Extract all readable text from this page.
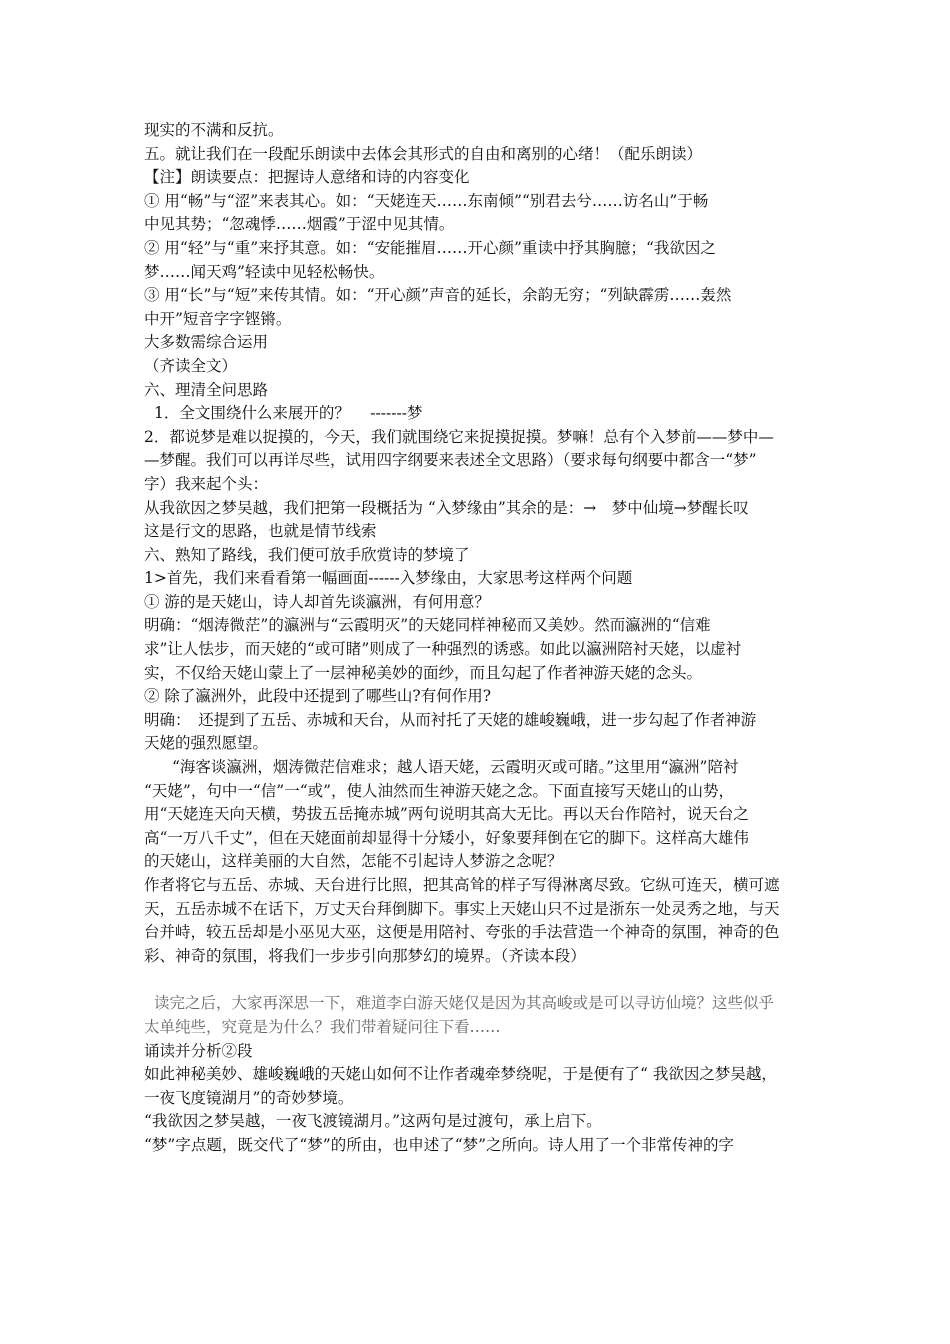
现实的不满和反抗。
五。就让我们在一段配乐朗读中去体会其形式的自由和离别的心绪！（配乐朗读）
【注】朗读要点：把握诗人意绪和诗的内容变化
① 用“畅”与“涩”来表其心。如：“天姥连天……东南倾”“别君去兮……访名山”于畅
中见其势；“忽魂悸……烟霞”于涩中见其情。
② 用“轻”与“重”来抒其意。如：“安能摧眉……开心颜”重读中抒其胸臆；“我欲因之
梦……闻天鸡”轻读中见轻松畅快。
③ 用“长”与“短”来传其情。如：“开心颜”声音的延长，余韵无穷；“列缺霹雳……轰然
中开”短音字字铿锵。
大多数需综合运用
（齐读全文）
六、理清全问思路
1．全文围绕什么来展开的？　 -------梦
2．都说梦是难以捉摸的，今天，我们就围绕它来捉摸捉摸。梦嘛！总有个入梦前——梦中—
—梦醒。我们可以再详尽些，试用四字纲要来表述全文思路）（要求每句纲要中都含一“梦”
字）我来起个头：
从我欲因之梦吴越，我们把第一段概括为 “入梦缘由”其余的是：→　梦中仙境→梦醒长叹
这是行文的思路，也就是情节线索
六、熟知了路线，我们便可放手欣赏诗的梦境了
1>首先，我们来看看第一幅画面------入梦缘由，大家思考这样两个问题
① 游的是天姥山，诗人却首先谈瀛洲，有何用意？
明确：“烟涛微茫”的瀛洲与“云霞明灭”的天姥同样神秘而又美妙。然而瀛洲的“信难
求”让人怯步，而天姥的“或可睹”则成了一种强烈的诱惑。如此以瀛洲陪衬天姥，以虚衬
实，不仅给天姥山蒙上了一层神秘美妙的面纱，而且勾起了作者神游天姥的念头。
② 除了瀛洲外，此段中还提到了哪些山?有何作用?
明确：　还提到了五岳、赤城和天台，从而衬托了天姥的雄峻巍峨，进一步勾起了作者神游
天姥的强烈愿望。
“海客谈瀛洲，烟涛微茫信难求；越人语天姥，云霞明灭或可睹。”这里用“瀛洲”陪衬
“天姥”，句中一“信”一“或”，使人油然而生神游天姥之念。下面直接写天姥山的山势，
用“天姥连天向天横，势拔五岳掩赤城”两句说明其高大无比。再以天台作陪衬，说天台之
高“一万八千丈”，但在天姥面前却显得十分矮小，好象要拜倒在它的脚下。这样高大雄伟
的天姥山，这样美丽的大自然，怎能不引起诗人梦游之念呢？
作者将它与五岳、赤城、天台进行比照，把其高耸的样子写得淋离尽致。它纵可连天，横可遮
天，五岳赤城不在话下，万丈天台拜倒脚下。事实上天姥山只不过是浙东一处灵秀之地，与天
台并峙，较五岳却是小巫见大巫，这便是用陪衬、夸张的手法营造一个神奇的氛围，神奇的色
彩、神奇的氛围，将我们一步步引向那梦幻的境界。（齐读本段）
读完之后，大家再深思一下，难道李白游天姥仅是因为其高峻或是可以寻访仙境？这些似乎
太单纯些，究竟是为什么？我们带着疑问往下看……
诵读并分析②段
如此神秘美妙、雄峻巍峨的天姥山如何不让作者魂牵梦绕呢，于是便有了“ 我欲因之梦吴越，
一夜飞度镜湖月”的奇妙梦境。
“我欲因之梦吴越，一夜飞渡镜湖月。”这两句是过渡句，承上启下。
“梦”字点题，既交代了“梦”的所由，也申述了“梦”之所向。诗人用了一个非常传神的字
